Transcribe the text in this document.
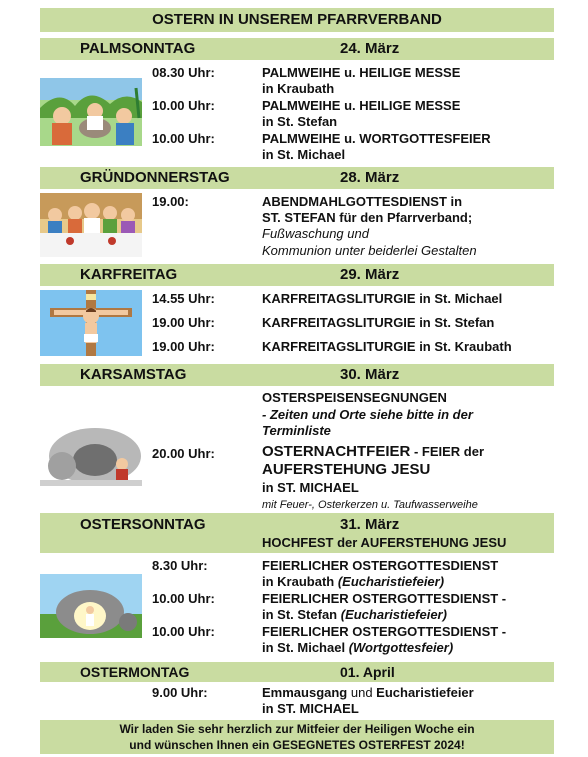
OSTERN IN UNSEREM PFARRVERBAND
PALMSONNTAG	24. März
08.30 Uhr:	PALMWEIHE u. HEILIGE MESSE
in Kraubath
10.00 Uhr:	PALMWEIHE u. HEILIGE MESSE
in St. Stefan
10.00 Uhr:	PALMWEIHE u. WORTGOTTESFEIER
in St. Michael
GRÜNDONNERSTAG	28. März
19.00:	ABENDMAHLGOTTESDIENST in
ST. STEFAN für den Pfarrverband;
Fußwaschung und
Kommunion unter beiderlei Gestalten
KARFREITAG	29. März
14.55 Uhr:	KARFREITAGSLITURGIE in St. Michael
19.00 Uhr:	KARFREITAGSLITURGIE in St. Stefan
19.00 Uhr:	KARFREITAGSLITURGIE in St. Kraubath
KARSAMSTAG	30. März
OSTERSPEISENSEGNUNGEN
- Zeiten und Orte siehe bitte in der
Terminliste
20.00 Uhr:	OSTERNACHTFEIER - FEIER der
AUFERSTEHUNG JESU
in ST. MICHAEL
mit Feuer-, Osterkerzen u. Taufwasserweihe
OSTERSONNTAG	31. März
HOCHFEST der AUFERSTEHUNG JESU
8.30 Uhr:	FEIERLICHER OSTERGOTTESDIENST
in Kraubath (Eucharistiefeier)
10.00 Uhr:	FEIERLICHER OSTERGOTTESDIENST -
in St. Stefan (Eucharistiefeier)
10.00 Uhr:	FEIERLICHER OSTERGOTTESDIENST -
in St. Michael (Wortgottesfeier)
OSTERMONTAG	01. April
9.00 Uhr:	Emmausgang und Eucharistiefeier
in ST. MICHAEL
Wir laden Sie sehr herzlich zur Mitfeier der Heiligen Woche ein
und wünschen Ihnen ein GESEGNETES OSTERFEST 2024!
